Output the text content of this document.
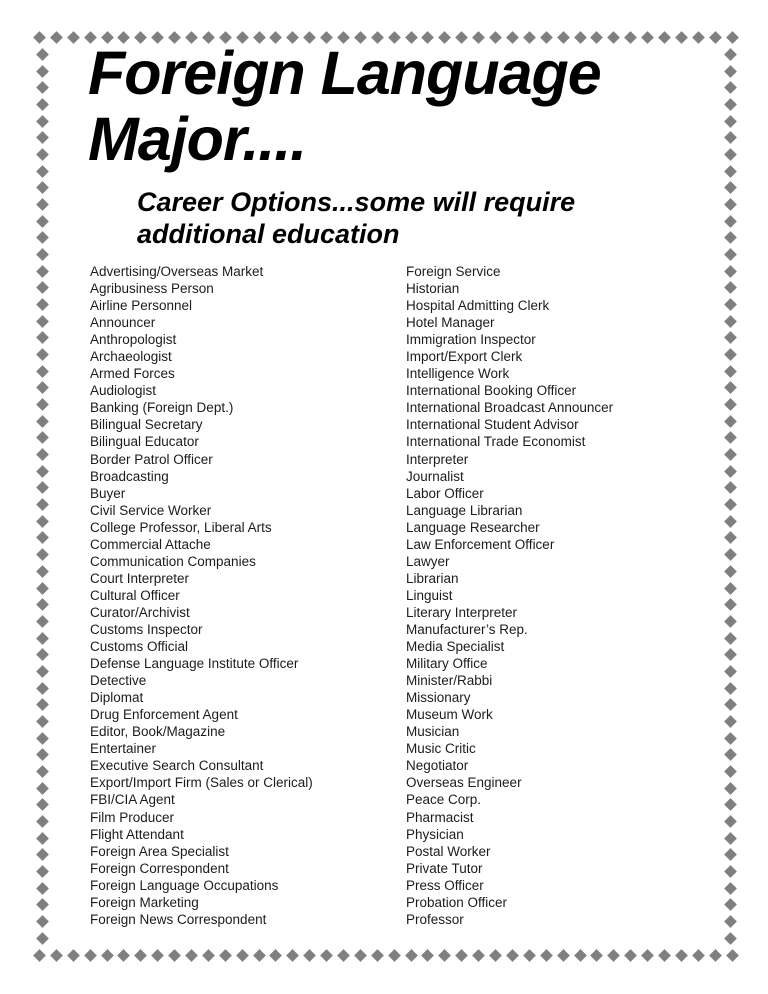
Foreign Language Major....
Career Options...some will require additional education
Advertising/Overseas Market
Agribusiness Person
Airline Personnel
Announcer
Anthropologist
Archaeologist
Armed Forces
Audiologist
Banking (Foreign Dept.)
Bilingual Secretary
Bilingual Educator
Border Patrol Officer
Broadcasting
Buyer
Civil Service Worker
College Professor, Liberal Arts
Commercial Attache
Communication Companies
Court Interpreter
Cultural Officer
Curator/Archivist
Customs Inspector
Customs Official
Defense Language Institute Officer
Detective
Diplomat
Drug Enforcement Agent
Editor, Book/Magazine
Entertainer
Executive Search Consultant
Export/Import Firm (Sales or Clerical)
FBI/CIA Agent
Film Producer
Flight Attendant
Foreign Area Specialist
Foreign Correspondent
Foreign Language Occupations
Foreign Marketing
Foreign News Correspondent
Foreign Service
Historian
Hospital Admitting Clerk
Hotel Manager
Immigration Inspector
Import/Export Clerk
Intelligence Work
International Booking Officer
International Broadcast Announcer
International Student Advisor
International Trade Economist
Interpreter
Journalist
Labor Officer
Language Librarian
Language Researcher
Law Enforcement Officer
Lawyer
Librarian
Linguist
Literary Interpreter
Manufacturer’s Rep.
Media Specialist
Military Office
Minister/Rabbi
Missionary
Museum Work
Musician
Music Critic
Negotiator
Overseas Engineer
Peace Corp.
Pharmacist
Physician
Postal Worker
Private Tutor
Press Officer
Probation Officer
Professor
